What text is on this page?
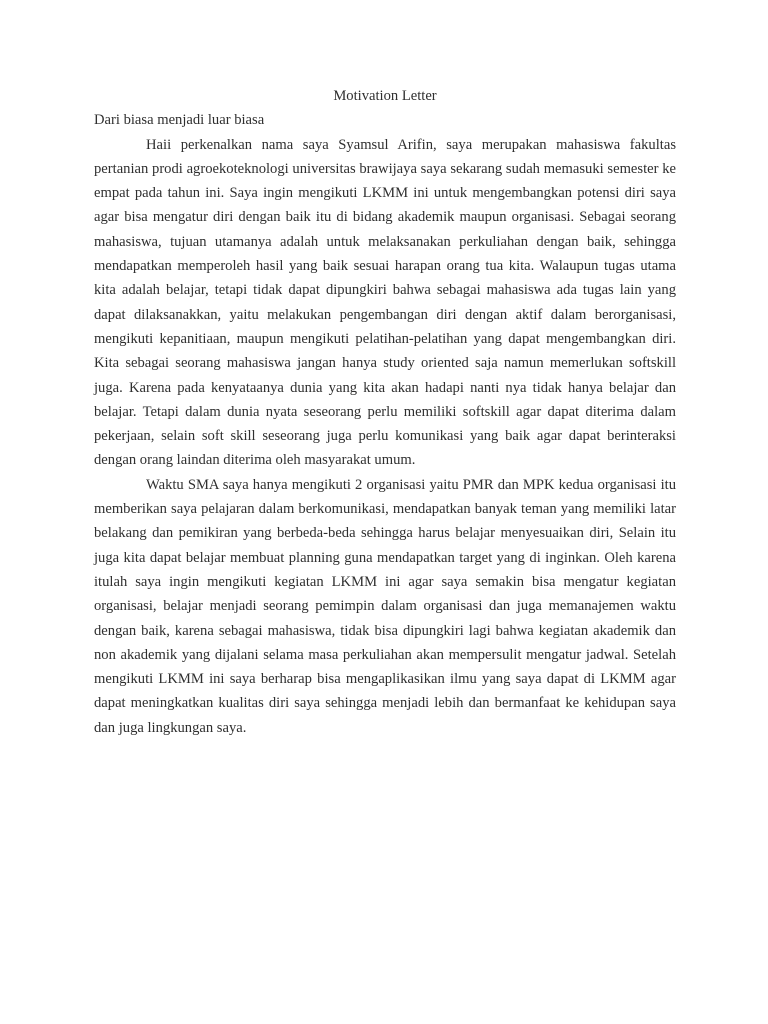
Motivation Letter

Dari biasa menjadi luar biasa

Haii perkenalkan nama saya Syamsul Arifin, saya merupakan mahasiswa fakultas pertanian prodi agroekoteknologi universitas brawijaya saya sekarang sudah memasuki semester ke empat pada tahun ini. Saya ingin mengikuti LKMM ini untuk mengembangkan potensi diri saya agar bisa mengatur diri dengan baik itu di bidang akademik maupun organisasi. Sebagai seorang mahasiswa, tujuan utamanya adalah untuk melaksanakan perkuliahan dengan baik, sehingga mendapatkan memperoleh hasil yang baik sesuai harapan orang tua kita. Walaupun tugas utama kita adalah belajar, tetapi tidak dapat dipungkiri bahwa sebagai mahasiswa ada tugas lain yang dapat dilaksanakkan, yaitu melakukan pengembangan diri dengan aktif dalam berorganisasi, mengikuti kepanitiaan, maupun mengikuti pelatihan-pelatihan yang dapat mengembangkan diri. Kita sebagai seorang mahasiswa jangan hanya study oriented saja namun memerlukan softskill juga. Karena pada kenyataanya dunia yang kita akan hadapi nanti nya tidak hanya belajar dan belajar. Tetapi dalam dunia nyata seseorang perlu memiliki softskill agar dapat diterima dalam pekerjaan, selain soft skill seseorang juga perlu komunikasi yang baik agar dapat berinteraksi dengan orang laindan diterima oleh masyarakat umum.

Waktu SMA saya hanya mengikuti 2 organisasi yaitu PMR dan MPK kedua organisasi itu memberikan saya pelajaran dalam berkomunikasi, mendapatkan banyak teman yang memiliki latar belakang dan pemikiran yang berbeda-beda sehingga harus belajar menyesuaikan diri, Selain itu juga kita dapat belajar membuat planning guna mendapatkan target yang di inginkan. Oleh karena itulah saya ingin mengikuti kegiatan LKMM ini agar saya semakin bisa mengatur kegiatan organisasi, belajar menjadi seorang pemimpin dalam organisasi dan juga memanajemen waktu dengan baik, karena sebagai mahasiswa, tidak bisa dipungkiri lagi bahwa kegiatan akademik dan non akademik yang dijalani selama masa perkuliahan akan mempersulit mengatur jadwal. Setelah mengikuti LKMM ini saya berharap bisa mengaplikasikan ilmu yang saya dapat di LKMM agar dapat meningkatkan kualitas diri saya sehingga menjadi lebih dan bermanfaat ke kehidupan saya dan juga lingkungan saya.
